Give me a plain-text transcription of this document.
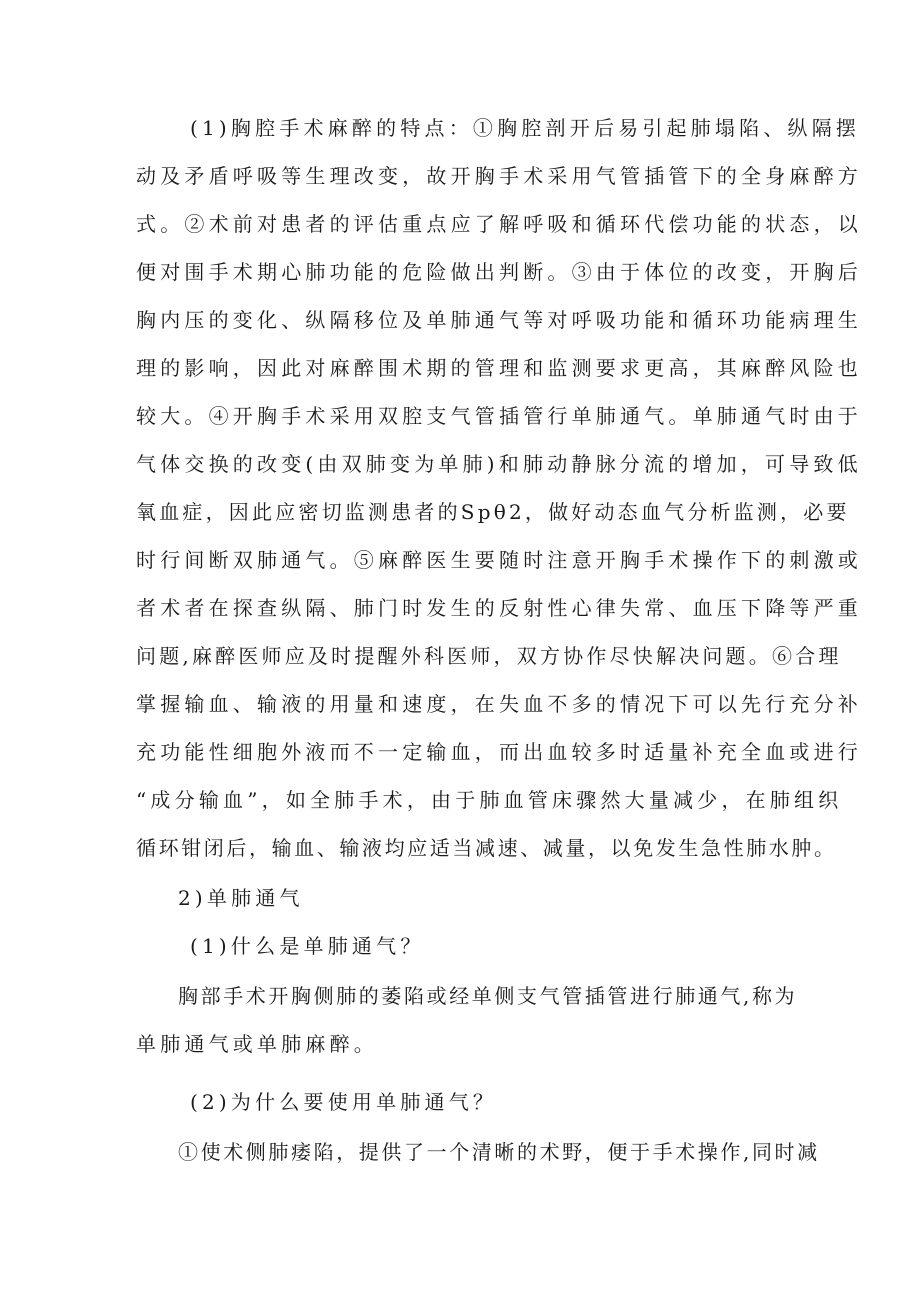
(1)胸腔手术麻醉的特点：①胸腔剖开后易引起肺塌陷、纵隔摆
动及矛盾呼吸等生理改变，故开胸手术采用气管插管下的全身麻醉方
式。②术前对患者的评估重点应了解呼吸和循环代偿功能的状态，以
便对围手术期心肺功能的危险做出判断。③由于体位的改变，开胸后
胸内压的变化、纵隔移位及单肺通气等对呼吸功能和循环功能病理生
理的影响，因此对麻醉围术期的管理和监测要求更高，其麻醉风险也
较大。④开胸手术采用双腔支气管插管行单肺通气。单肺通气时由于
气体交换的改变(由双肺变为单肺)和肺动静脉分流的增加，可导致低
氧血症，因此应密切监测患者的Spθ2，做好动态血气分析监测，必要
时行间断双肺通气。⑤麻醉医生要随时注意开胸手术操作下的刺激或
者术者在探查纵隔、肺门时发生的反射性心律失常、血压下降等严重
问题,麻醉医师应及时提醒外科医师，双方协作尽快解决问题。⑥合理
掌握输血、输液的用量和速度，在失血不多的情况下可以先行充分补
充功能性细胞外液而不一定输血，而出血较多时适量补充全血或进行
“成分输血”，如全肺手术，由于肺血管床骤然大量减少，在肺组织
循环钳闭后，输血、输液均应适当减速、减量，以免发生急性肺水肿。
2)单肺通气
(1)什么是单肺通气？
胸部手术开胸侧肺的萎陷或经单侧支气管插管进行肺通气,称为
单肺通气或单肺麻醉。
(2)为什么要使用单肺通气？
①使术侧肺痿陷，提供了一个清晰的术野，便于手术操作,同时减
